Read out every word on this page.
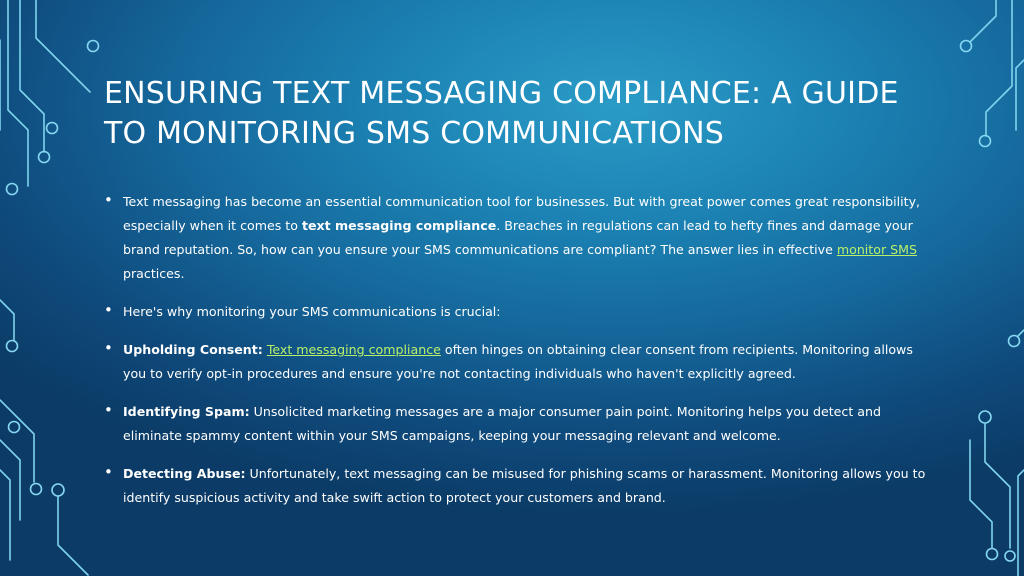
ENSURING TEXT MESSAGING COMPLIANCE: A GUIDE TO MONITORING SMS COMMUNICATIONS
• Text messaging has become an essential communication tool for businesses. But with great power comes great responsibility, especially when it comes to text messaging compliance. Breaches in regulations can lead to hefty fines and damage your brand reputation. So, how can you ensure your SMS communications are compliant? The answer lies in effective monitor SMS practices.
• Here's why monitoring your SMS communications is crucial:
• Upholding Consent: Text messaging compliance often hinges on obtaining clear consent from recipients. Monitoring allows you to verify opt-in procedures and ensure you're not contacting individuals who haven't explicitly agreed.
• Identifying Spam: Unsolicited marketing messages are a major consumer pain point. Monitoring helps you detect and eliminate spammy content within your SMS campaigns, keeping your messaging relevant and welcome.
• Detecting Abuse: Unfortunately, text messaging can be misused for phishing scams or harassment. Monitoring allows you to identify suspicious activity and take swift action to protect your customers and brand.
